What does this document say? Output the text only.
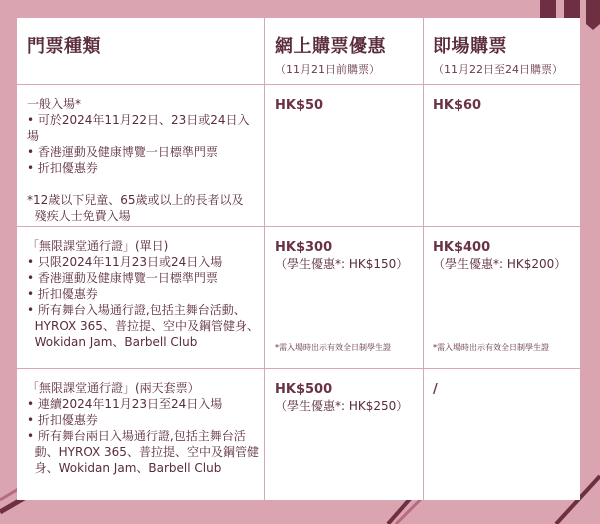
門票種類	網上購票優惠
（11月21日前購票）
即場購票
（11月22日至24日購票）
一般入場*
• 可於2024年11月22日、23日或24日入場
• 香港運動及健康博覽一日標準門票
• 折扣優惠券
*12歲以下兒童、65歲或以上的長者以及
殘疾人士免費入場
HK$50	HK$60
「無限課堂通行證」(單日)
• 只限2024年11月23日或24日入場
• 香港運動及健康博覽一日標準門票
• 折扣優惠券
• 所有舞台入場通行證,包括主舞台活動、
HYROX 365、普拉提、空中及鋼管健身、
Wokidan Jam、Barbell Club
HK$300
（學生優惠*: HK$150）
*需入場時出示有效全日制學生證
HK$400
（學生優惠*: HK$200）
*需入場時出示有效全日制學生證
「無限課堂通行證」(兩天套票）
• 連續2024年11月23日至24日入場
• 折扣優惠券
• 所有舞台兩日入場通行證,包括主舞台活
動、HYROX 365、普拉提、空中及鋼管健
身、Wokidan Jam、Barbell Club
HK$500
（學生優惠*: HK$250）
/
